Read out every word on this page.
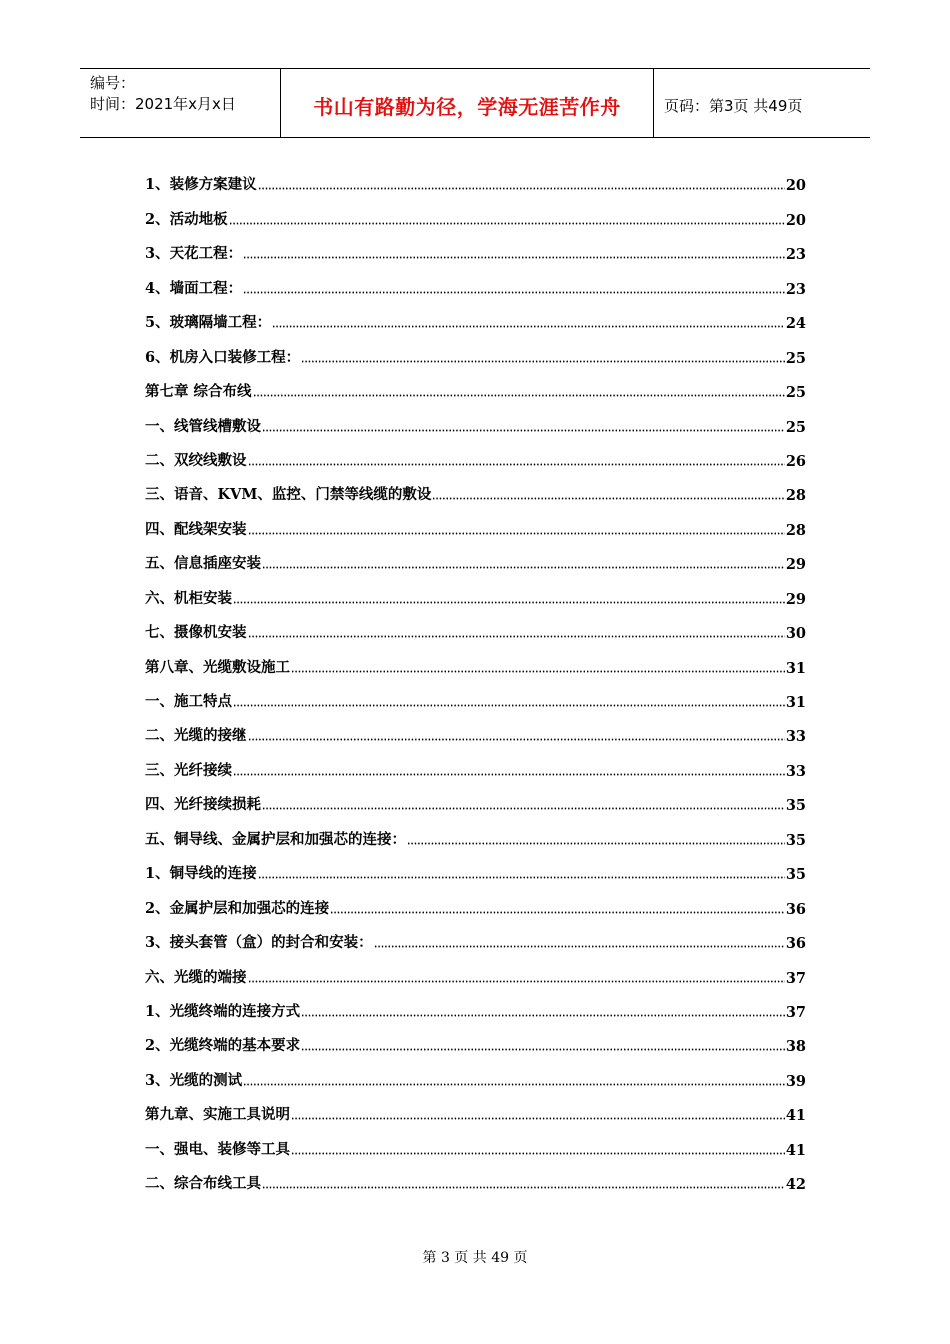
编号：
时间：2021年x月x日	书山有路勤为径，学海无涯苦作舟	页码：第3页 共49页
1、装修方案建议	20
2、活动地板	20
3、天花工程：	23
4、墙面工程：	23
5、玻璃隔墙工程：	24
6、机房入口装修工程：	25
第七章 综合布线	25
一、线管线槽敷设	25
二、双绞线敷设	26
三、语音、KVM、监控、门禁等线缆的敷设	28
四、配线架安装	28
五、信息插座安装	29
六、机柜安装	29
七、摄像机安装	30
第八章、光缆敷设施工	31
一、施工特点	31
二、光缆的接继	33
三、光纤接续	33
四、光纤接续损耗	35
五、铜导线、金属护层和加强芯的连接：	35
1、铜导线的连接	35
2、金属护层和加强芯的连接	36
3、接头套管（盒）的封合和安装：	36
六、光缆的端接	37
1、光缆终端的连接方式	37
2、光缆终端的基本要求	38
3、光缆的测试	39
第九章、实施工具说明	41
一、强电、装修等工具	41
二、综合布线工具	42
第 3 页 共 49 页
